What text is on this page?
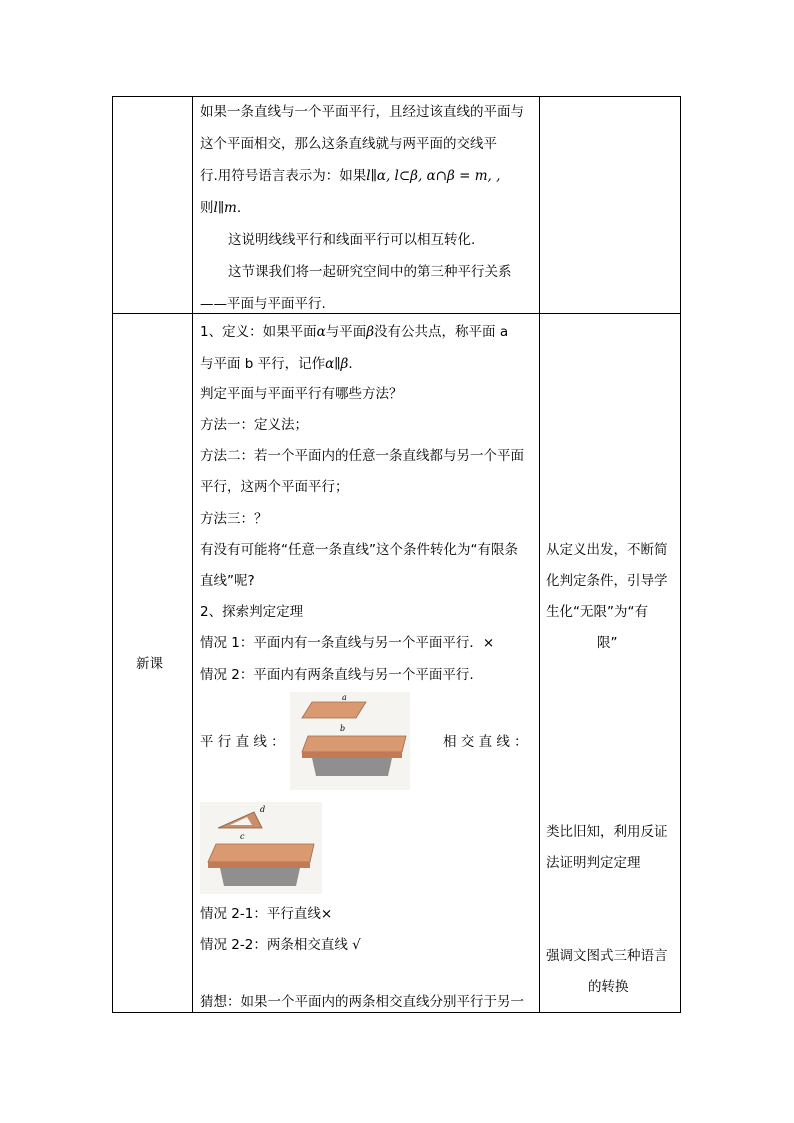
如果一条直线与一个平面平行，且经过该直线的平面与
这个平面相交，那么这条直线就与两平面的交线平
行.用符号语言表示为：如果l∥α, l⊂β, α∩β = m, ,
则l∥m.
这说明线线平行和线面平行可以相互转化.
这节课我们将一起研究空间中的第三种平行关系
——平面与平面平行.
新课
1、定义：如果平面α与平面β没有公共点，称平面 a
与平面 b 平行，记作α∥β.
判定平面与平面平行有哪些方法？
方法一：定义法；
方法二：若一个平面内的任意一条直线都与另一个平面
平行，这两个平面平行；
方法三：？
有没有可能将“任意一条直线”这个条件转化为“有限条
直线”呢?
2、探索判定定理
情况 1：平面内有一条直线与另一个平面平行．×
情况 2：平面内有两条直线与另一个平面平行.
平 行 直 线 ：	相 交 直 线 ：
a
b
d
c
情况 2-1：平行直线×
情况 2-2：两条相交直线 √
猜想：如果一个平面内的两条相交直线分别平行于另一
从定义出发，不断简
化判定条件，引导学
生化“无限”为“有
限”
类比旧知，利用反证
法证明判定定理
强调文图式三种语言
的转换
